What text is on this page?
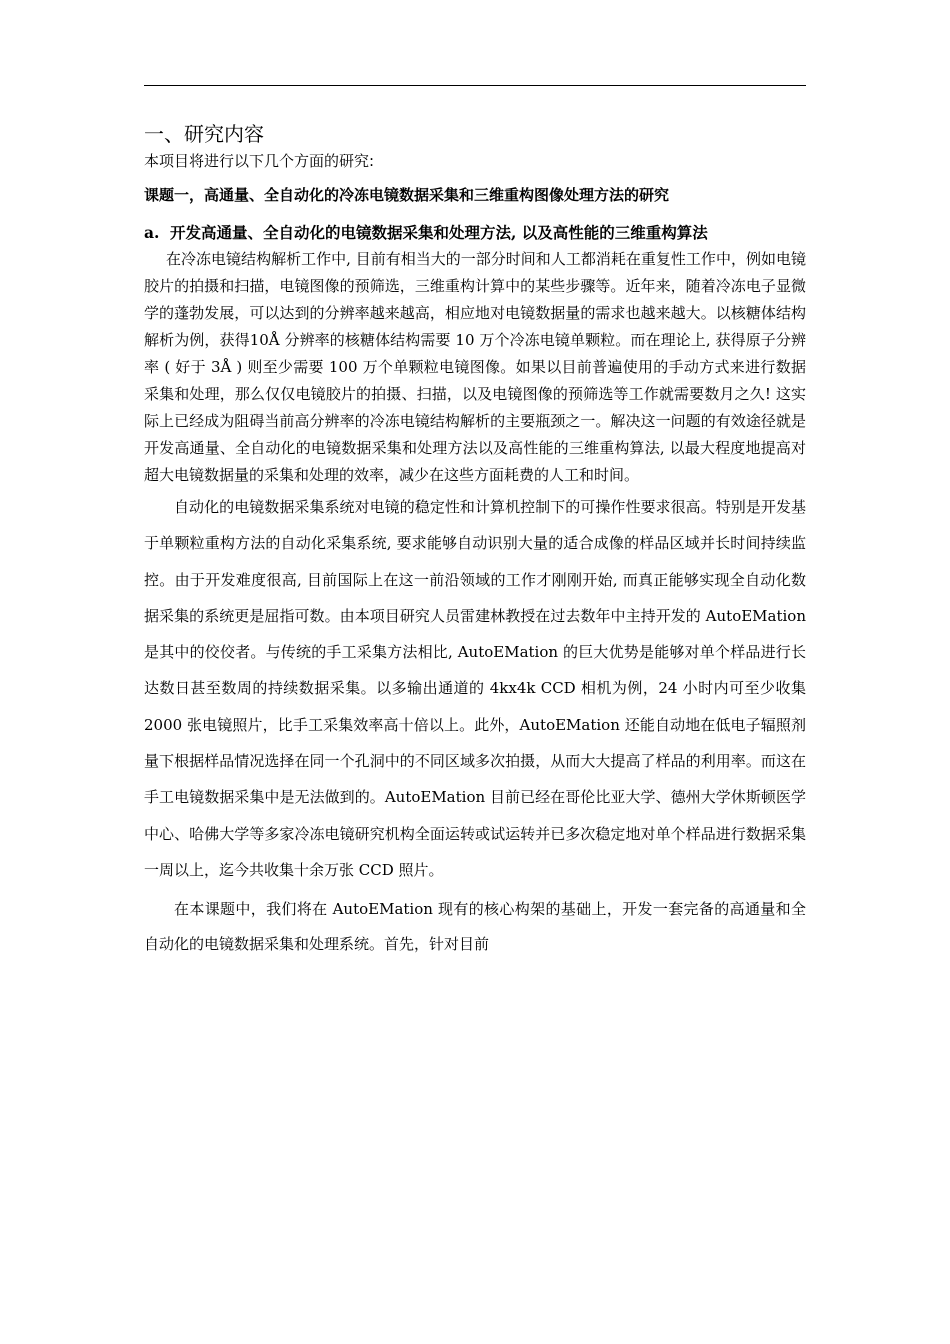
一、研究内容

本项目将进行以下几个方面的研究:

课题一，高通量、全自动化的冷冻电镜数据采集和三维重构图像处理方法的研究

a. 开发高通量、全自动化的电镜数据采集和处理方法, 以及高性能的三维重构算法

在冷冻电镜结构解析工作中, 目前有相当大的一部分时间和人工都消耗在重复性工作中，例如电镜胶片的拍摄和扫描，电镜图像的预筛选，三维重构计算中的某些步骤等。近年来，随着冷冻电子显微学的蓬勃发展，可以达到的分辨率越来越高，相应地对电镜数据量的需求也越来越大。以核糖体结构解析为例，获得10Å 分辨率的核糖体结构需要 10 万个冷冻电镜单颗粒。而在理论上, 获得原子分辨率 ( 好于 3Å ) 则至少需要 100 万个单颗粒电镜图像。如果以目前普遍使用的手动方式来进行数据采集和处理，那么仅仅电镜胶片的拍摄、扫描，以及电镜图像的预筛选等工作就需要数月之久! 这实际上已经成为阻碍当前高分辨率的冷冻电镜结构解析的主要瓶颈之一。解决这一问题的有效途径就是开发高通量、全自动化的电镜数据采集和处理方法以及高性能的三维重构算法, 以最大程度地提高对超大电镜数据量的采集和处理的效率，减少在这些方面耗费的人工和时间。

自动化的电镜数据采集系统对电镜的稳定性和计算机控制下的可操作性要求很高。特别是开发基于单颗粒重构方法的自动化采集系统, 要求能够自动识别大量的适合成像的样品区域并长时间持续监控。由于开发难度很高, 目前国际上在这一前沿领域的工作才刚刚开始, 而真正能够实现全自动化数据采集的系统更是屈指可数。由本项目研究人员雷建林教授在过去数年中主持开发的 AutoEMation 是其中的佼佼者。与传统的手工采集方法相比, AutoEMation 的巨大优势是能够对单个样品进行长达数日甚至数周的持续数据采集。以多输出通道的 4kx4k CCD 相机为例，24 小时内可至少收集 2000 张电镜照片，比手工采集效率高十倍以上。此外，AutoEMation 还能自动地在低电子辐照剂量下根据样品情况选择在同一个孔洞中的不同区域多次拍摄，从而大大提高了样品的利用率。而这在手工电镜数据采集中是无法做到的。AutoEMation 目前已经在哥伦比亚大学、德州大学休斯顿医学中心、哈佛大学等多家冷冻电镜研究机构全面运转或试运转并已多次稳定地对单个样品进行数据采集一周以上，迄今共收集十余万张 CCD 照片。

在本课题中，我们将在 AutoEMation 现有的核心构架的基础上，开发一套完备的高通量和全自动化的电镜数据采集和处理系统。首先，针对目前
